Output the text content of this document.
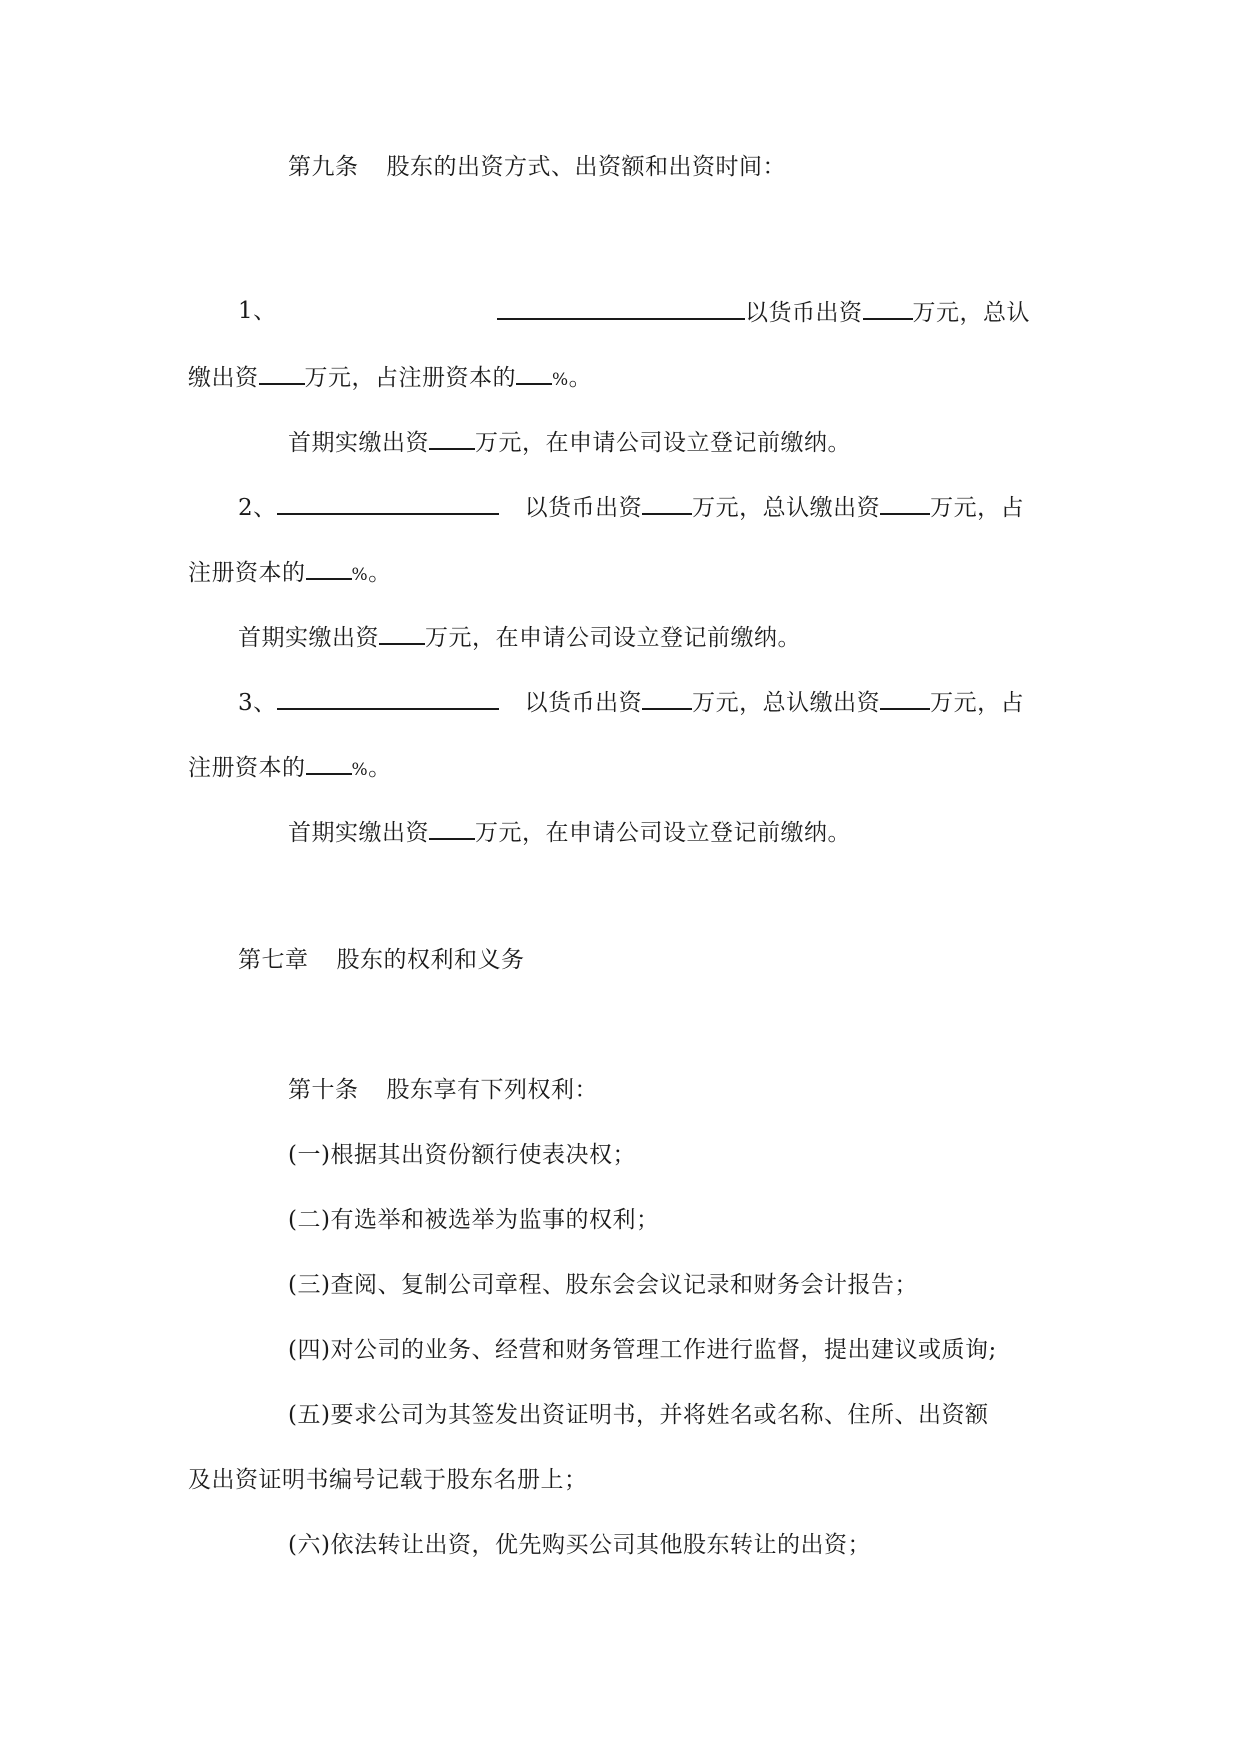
第九条 股东的出资方式、出资额和出资时间：
1、	以货币出资 万元，总认
缴出资 万元，占注册资本的 %。
首期实缴出资 万元，在申请公司设立登记前缴纳。
2、	以货币出资 万元，总认缴出资 万元，占
注册资本的	%。
首期实缴出资 万元，在申请公司设立登记前缴纳。
3、	以货币出资 万元，总认缴出资 万元，占
注册资本的	%。
首期实缴出资 万元，在申请公司设立登记前缴纳。
第七章 股东的权利和义务
第十条 股东享有下列权利：
(一)根据其出资份额行使表决权；
(二)有选举和被选举为监事的权利；
(三)查阅、复制公司章程、股东会会议记录和财务会计报告；
(四)对公司的业务、经营和财务管理工作进行监督，提出建议或质询;
(五)要求公司为其签发出资证明书，并将姓名或名称、住所、出资额
及出资证明书编号记载于股东名册上；
(六)依法转让出资，优先购买公司其他股东转让的出资；
